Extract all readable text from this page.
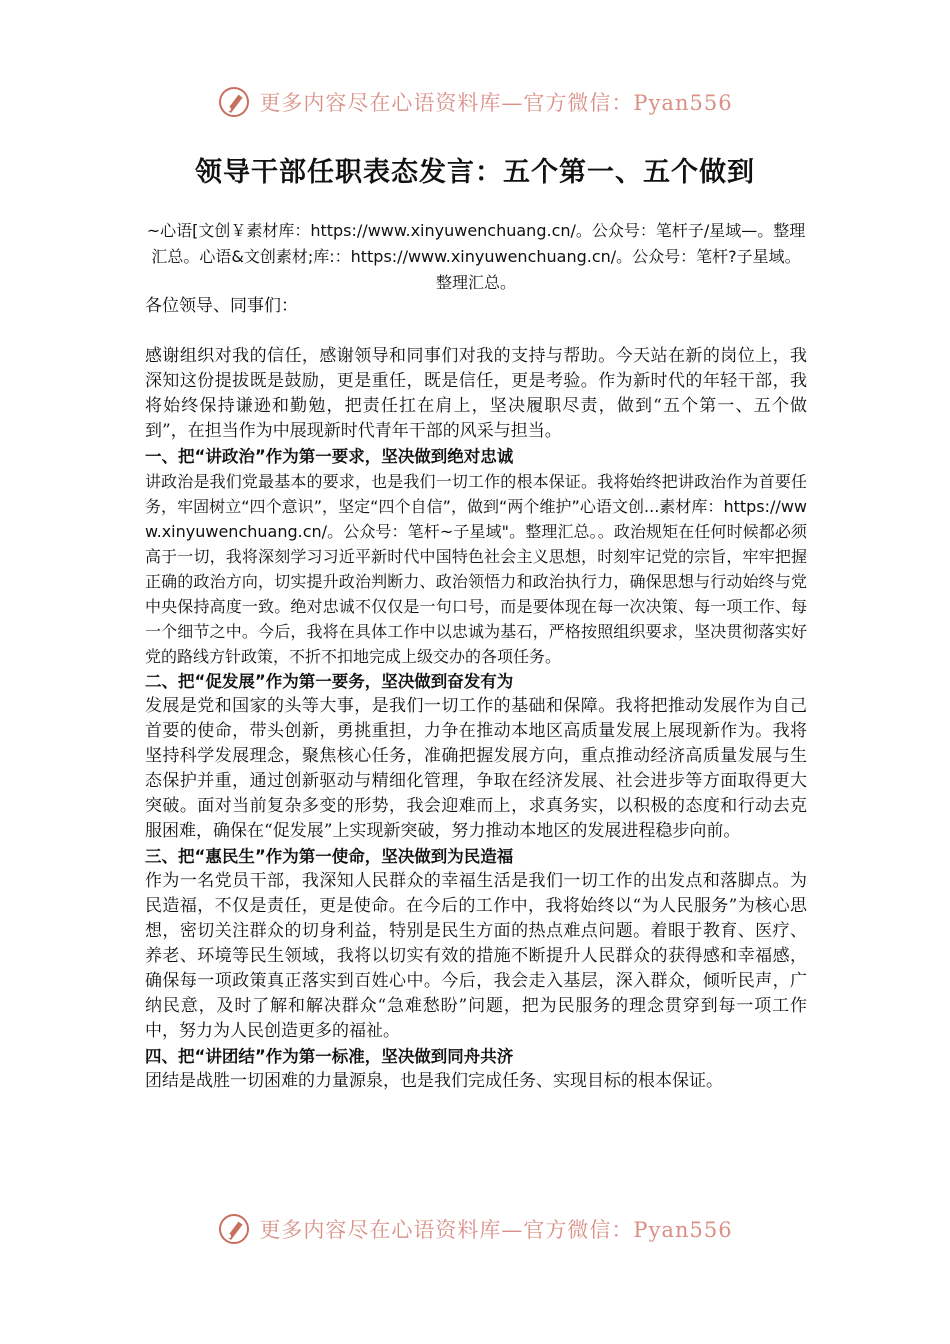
更多内容尽在心语资料库—官方微信：Pyan556
领导干部任职表态发言：五个第一、五个做到
~心语[文创￥素材库：https://www.xinyuwenchuang.cn/。公众号：笔杆子/星域—。整理汇总。心语&文创素材;库:：https://www.xinyuwenchuang.cn/。公众号：笔杆?子星域。整理汇总。

各位领导、同事们：

感谢组织对我的信任，感谢领导和同事们对我的支持与帮助。今天站在新的岗位上，我深知这份提拔既是鼓励，更是重任，既是信任，更是考验。作为新时代的年轻干部，我将始终保持谦逊和勤勉，把责任扛在肩上，坚决履职尽责，做到“五个第一、五个做到”，在担当作为中展现新时代青年干部的风采与担当。

一、把“讲政治”作为第一要求，坚决做到绝对忠诚

讲政治是我们党最基本的要求，也是我们一切工作的根本保证。我将始终把讲政治作为首要任务，牢固树立“四个意识”，坚定“四个自信”，做到“两个维护”心语文创...素材库：https://www.xinyuwenchuang.cn/。公众号：笔杆~子星域"。整理汇总。。政治规矩在任何时候都必须高于一切，我将深刻学习习近平新时代中国特色社会主义思想，时刻牢记党的宗旨，牢牢把握正确的政治方向，切实提升政治判断力、政治领悟力和政治执行力，确保思想与行动始终与党中央保持高度一致。绝对忠诚不仅仅是一句口号，而是要体现在每一次决策、每一项工作、每一个细节之中。今后，我将在具体工作中以忠诚为基石，严格按照组织要求，坚决贯彻落实好党的路线方针政策，不折不扣地完成上级交办的各项任务。

二、把“促发展”作为第一要务，坚决做到奋发有为

发展是党和国家的头等大事，是我们一切工作的基础和保障。我将把推动发展作为自己首要的使命，带头创新，勇挑重担，力争在推动本地区高质量发展上展现新作为。我将坚持科学发展理念，聚焦核心任务，准确把握发展方向，重点推动经济高质量发展与生态保护并重，通过创新驱动与精细化管理，争取在经济发展、社会进步等方面取得更大突破。面对当前复杂多变的形势，我会迎难而上，求真务实，以积极的态度和行动去克服困难，确保在“促发展”上实现新突破，努力推动本地区的发展进程稳步向前。

三、把“惠民生”作为第一使命，坚决做到为民造福

作为一名党员干部，我深知人民群众的幸福生活是我们一切工作的出发点和落脚点。为民造福，不仅是责任，更是使命。在今后的工作中，我将始终以“为人民服务”为核心思想，密切关注群众的切身利益，特别是民生方面的热点难点问题。着眼于教育、医疗、养老、环境等民生领域，我将以切实有效的措施不断提升人民群众的获得感和幸福感，确保每一项政策真正落实到百姓心中。今后，我会走入基层，深入群众，倾听民声，广纳民意，及时了解和解决群众“急难愁盼”问题，把为民服务的理念贯穿到每一项工作中，努力为人民创造更多的福祉。

四、把“讲团结”作为第一标准，坚决做到同舟共济

团结是战胜一切困难的力量源泉，也是我们完成任务、实现目标的根本保证。

更多内容尽在心语资料库—官方微信：Pyan556
